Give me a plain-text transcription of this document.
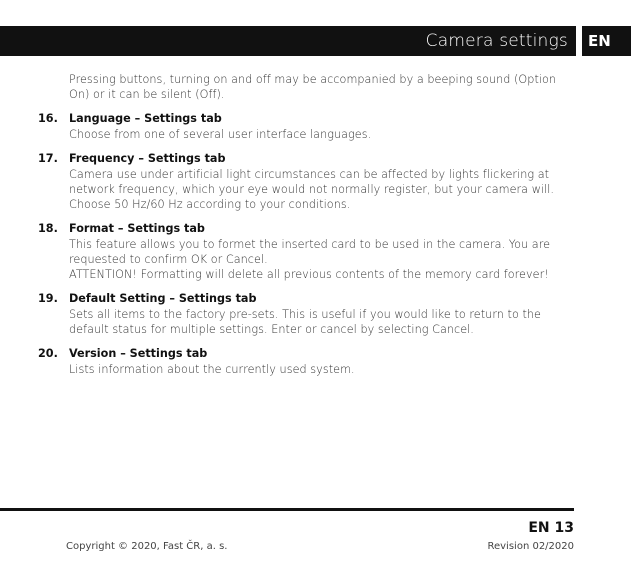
Camera settings EN
Pressing buttons, turning on and off may be accompanied by a beeping sound (Option
On) or it can be silent (Off).
16. Language – Settings tab
Choose from one of several user interface languages.
17. Frequency – Settings tab
Camera use under artificial light circumstances can be affected by lights flickering at
network frequency, which your eye would not normally register, but your camera will.
Choose 50 Hz/60 Hz according to your conditions.
18. Format – Settings tab
This feature allows you to formet the inserted card to be used in the camera. You are
requested to confirm OK or Cancel.
ATTENTION! Formatting will delete all previous contents of the memory card forever!
19. Default Setting – Settings tab
Sets all items to the factory pre-sets. This is useful if you would like to return to the
default status for multiple settings. Enter or cancel by selecting Cancel.
20. Version – Settings tab
Lists information about the currently used system.
EN 13
Copyright © 2020, Fast ČR, a. s.	Revision 02/2020
